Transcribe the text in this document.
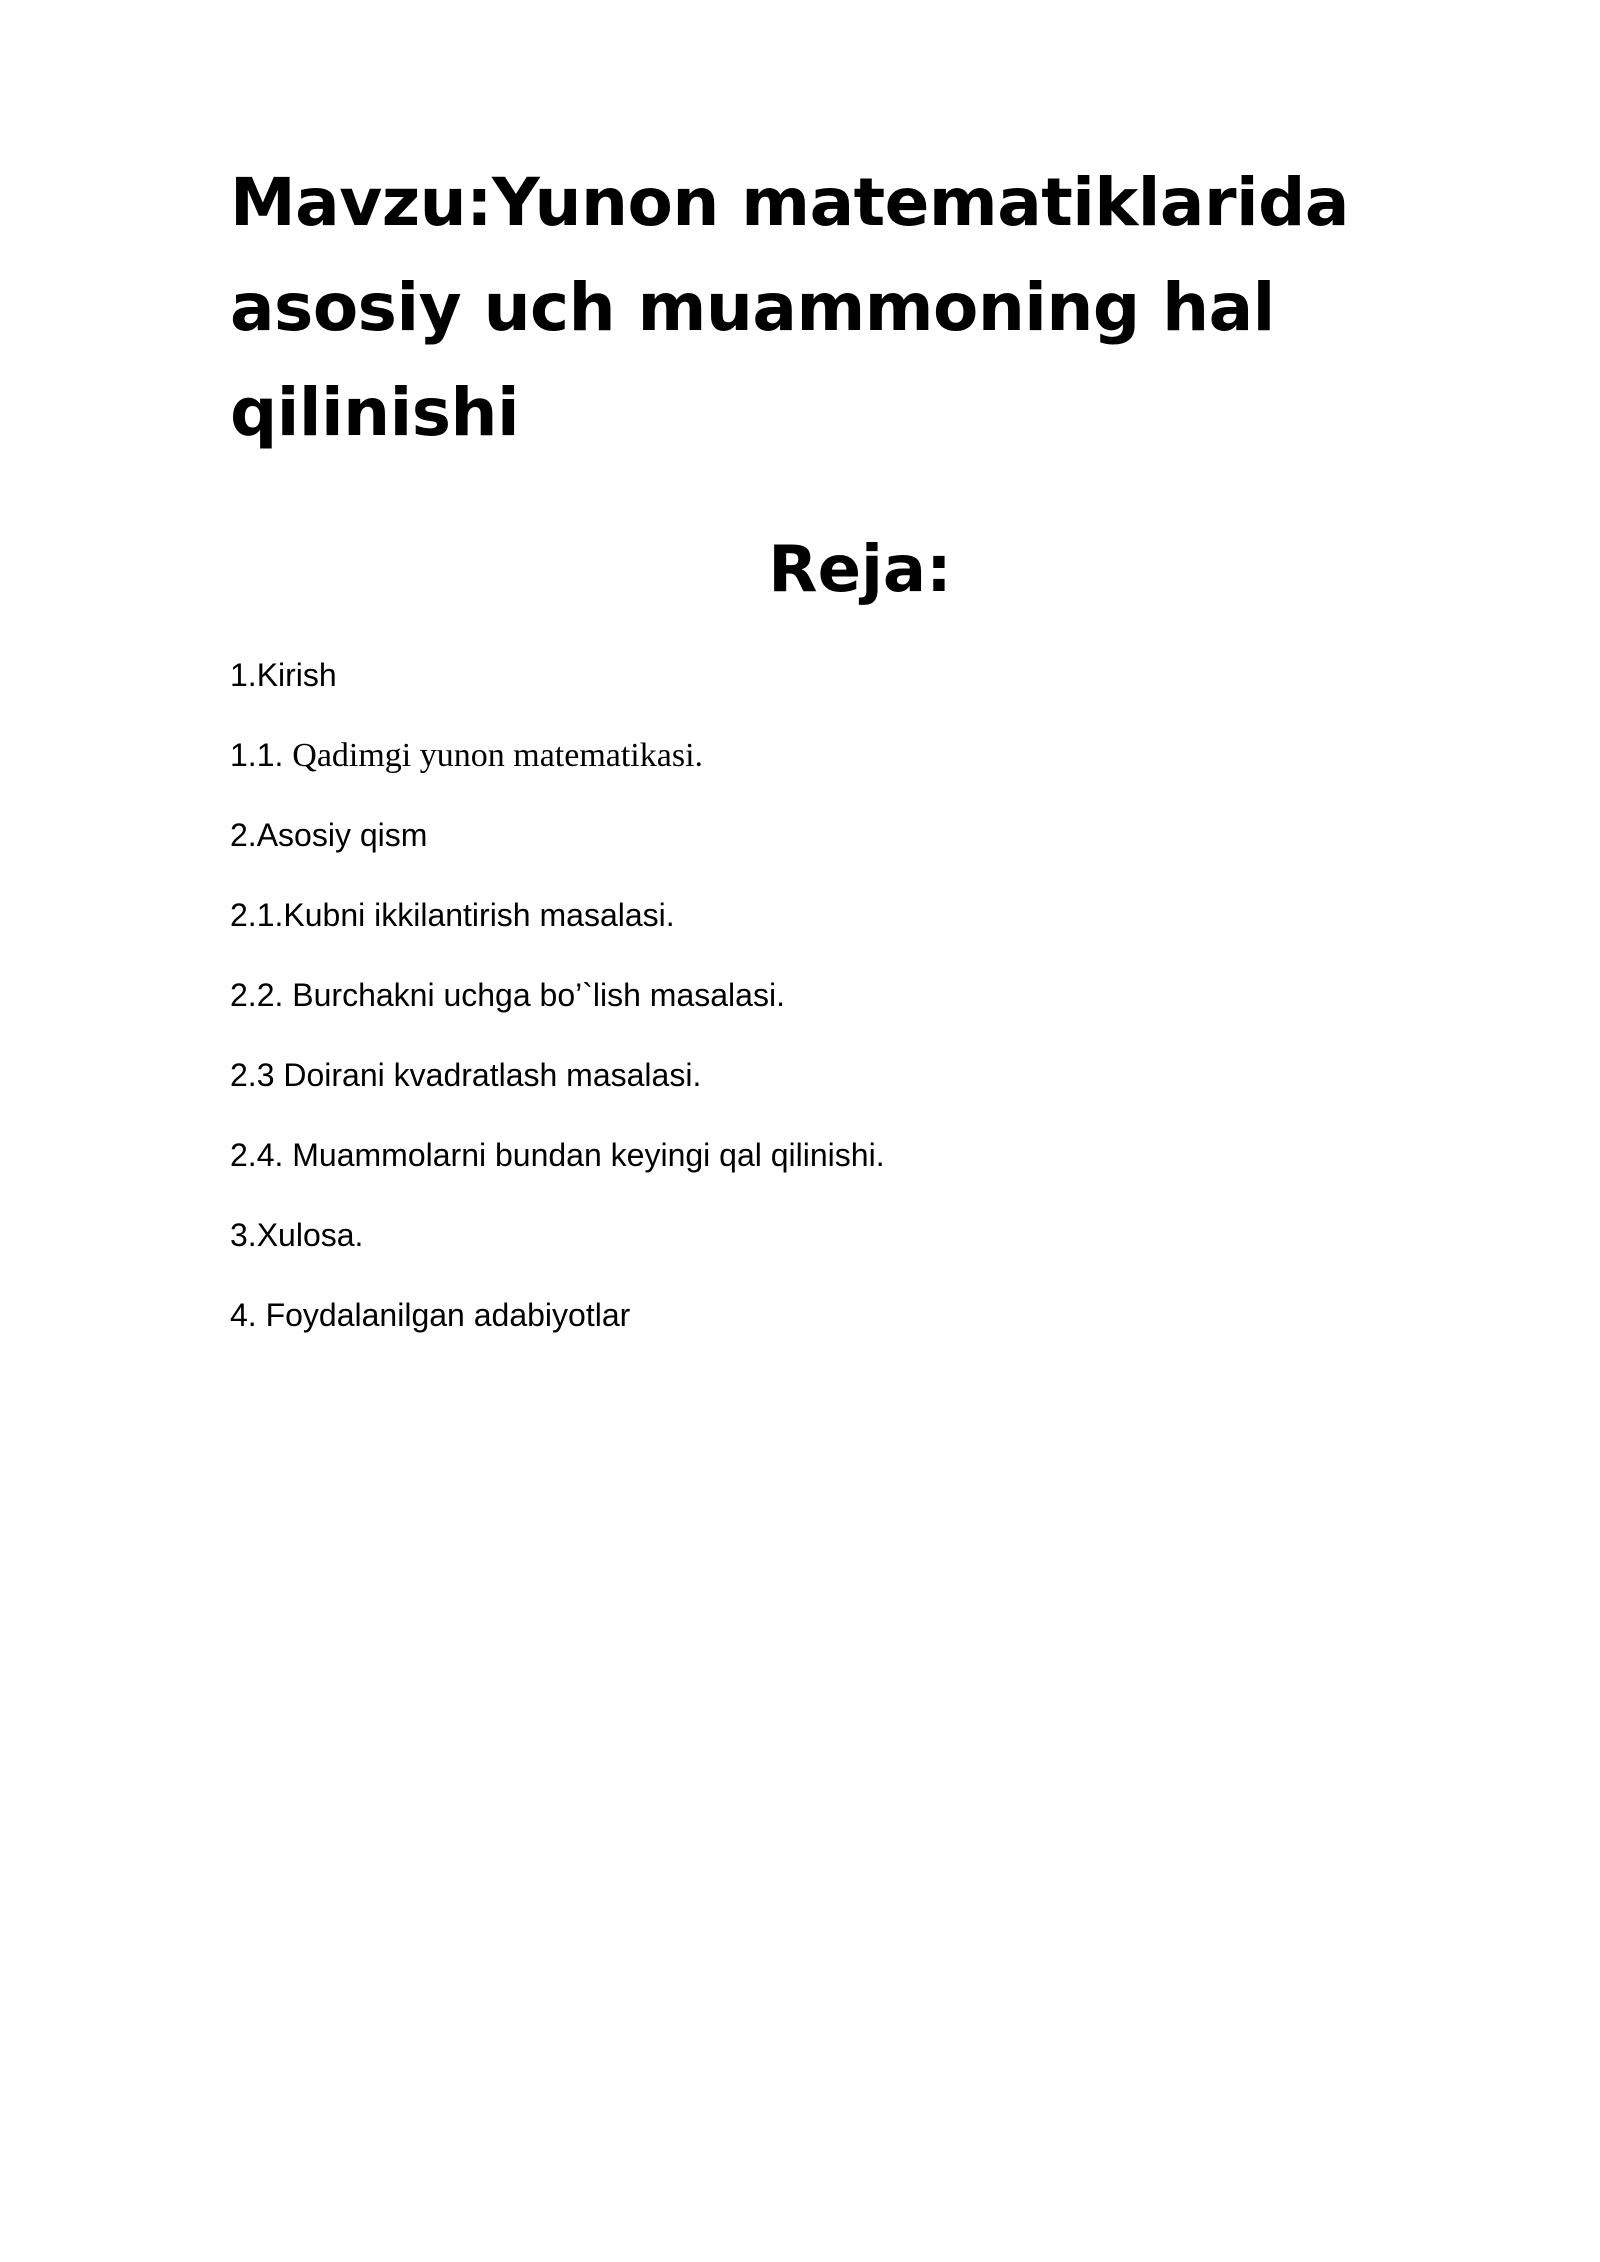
Mavzu:Yunon matematiklarida asosiy uch muammoning hal qilinishi
Reja:
1.Kirish
1.1. Qadimgi yunon matematikasi.
2.Asosiy qism
2.1.Kubni ikkilantirish masalasi.
2.2. Burchakni uchga bo’`lish masalasi.
2.3 Doirani kvadratlash masalasi.
2.4. Muammolarni bundan keyingi qal qilinishi.
3.Xulosa.
4. Foydalanilgan adabiyotlar
